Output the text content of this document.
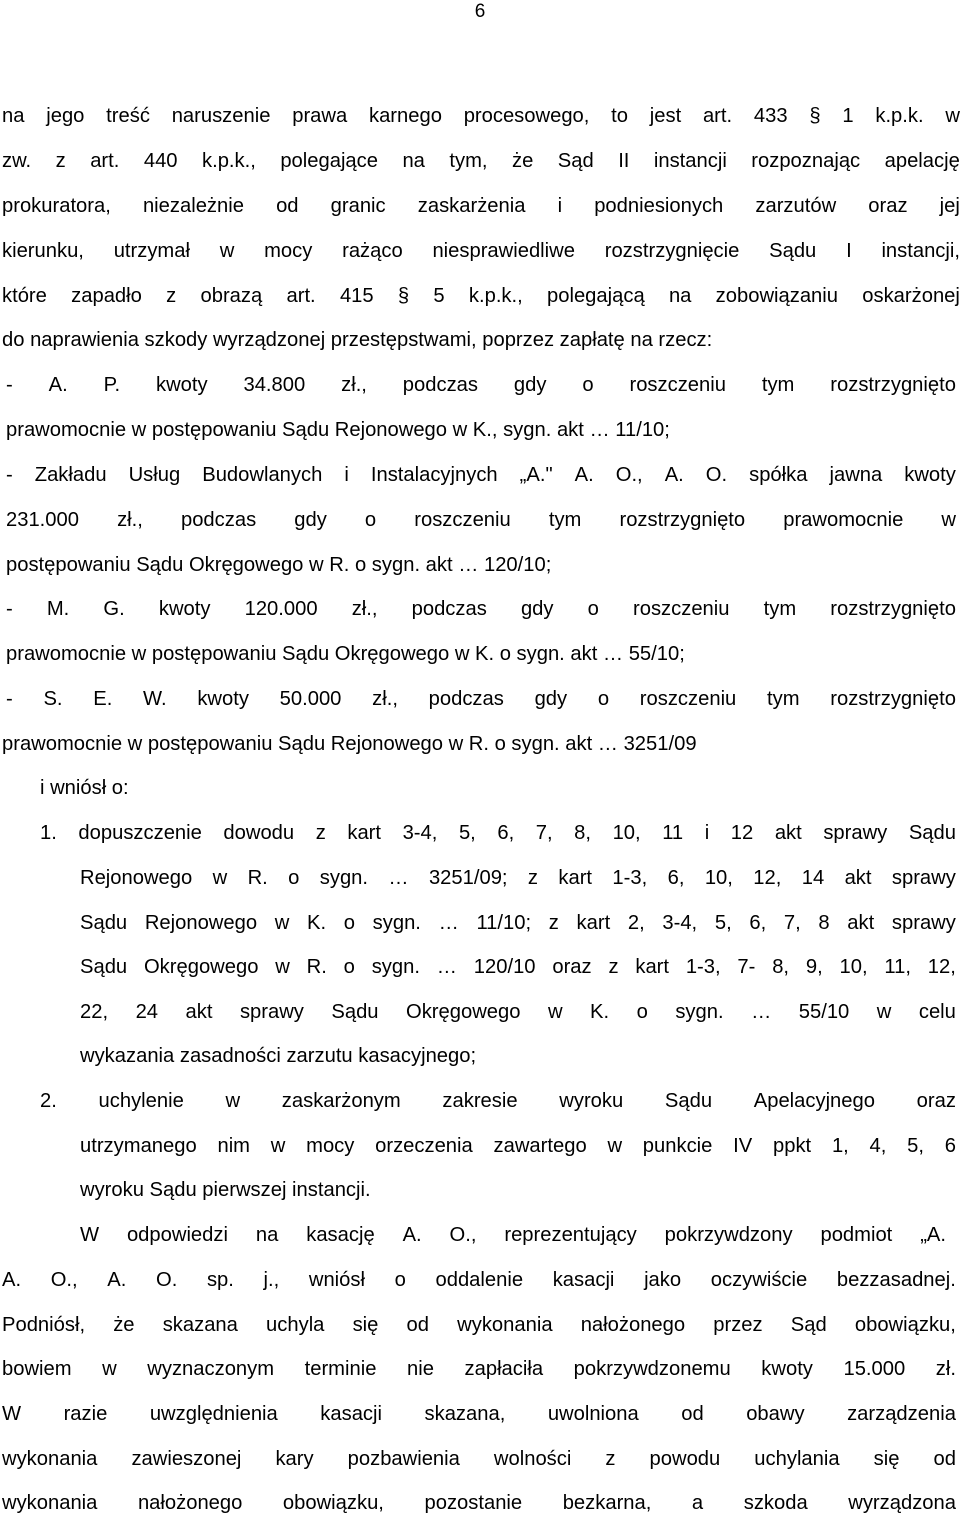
6

na jego treść naruszenie prawa karnego procesowego, to jest art. 433 § 1 k.p.k. w

zw. z art. 440 k.p.k., polegające na tym, że Sąd II instancji rozpoznając apelację

prokuratora, niezależnie od granic zaskarżenia i podniesionych zarzutów oraz jej

kierunku, utrzymał w mocy rażąco niesprawiedliwe rozstrzygnięcie Sądu I instancji,

które zapadło z obrazą art. 415 § 5 k.p.k., polegającą na zobowiązaniu oskarżonej

do naprawienia szkody wyrządzonej przestępstwami, poprzez zapłatę na rzecz:

- A. P. kwoty 34.800 zł., podczas gdy o roszczeniu tym rozstrzygnięto

prawomocnie w postępowaniu Sądu Rejonowego w K., sygn. akt … 11/10;

- Zakładu Usług Budowlanych i Instalacyjnych „A." A. O., A. O. spółka jawna kwoty

231.000 zł., podczas gdy o roszczeniu tym rozstrzygnięto prawomocnie w

postępowaniu Sądu Okręgowego w R. o sygn. akt … 120/10;

- M. G. kwoty 120.000 zł., podczas gdy o roszczeniu tym rozstrzygnięto

prawomocnie w postępowaniu Sądu Okręgowego w K. o sygn. akt … 55/10;

- S. E. W. kwoty 50.000 zł., podczas gdy o roszczeniu tym rozstrzygnięto

prawomocnie w postępowaniu Sądu Rejonowego w R. o sygn. akt … 3251/09

i wniósł o:

1. dopuszczenie dowodu z kart 3-4, 5, 6, 7, 8, 10, 11 i 12 akt sprawy Sądu

Rejonowego w R. o sygn. … 3251/09; z kart 1-3, 6, 10, 12, 14 akt sprawy

Sądu Rejonowego w K. o sygn. … 11/10; z kart 2, 3-4, 5, 6, 7, 8 akt sprawy

Sądu Okręgowego w R. o sygn. … 120/10 oraz z kart 1-3, 7- 8, 9, 10, 11, 12,

22, 24 akt sprawy Sądu Okręgowego w K. o sygn. … 55/10 w celu

wykazania zasadności zarzutu kasacyjnego;

2. uchylenie w zaskarżonym zakresie wyroku Sądu Apelacyjnego oraz

utrzymanego nim w mocy orzeczenia zawartego w punkcie IV ppkt 1, 4, 5, 6

wyroku Sądu pierwszej instancji.

W odpowiedzi na kasację A. O., reprezentujący pokrzywdzony podmiot „A.

A. O., A. O. sp. j., wniósł o oddalenie kasacji jako oczywiście bezzasadnej.

Podniósł, że skazana uchyla się od wykonania nałożonego przez Sąd obowiązku,

bowiem w wyznaczonym terminie nie zapłaciła pokrzywdzonemu kwoty 15.000 zł.

W razie uwzględnienia kasacji skazana, uwolniona od obawy zarządzenia

wykonania zawieszonej kary pozbawienia wolności z powodu uchylania się od

wykonania nałożonego obowiązku, pozostanie bezkarna, a szkoda wyrządzona
